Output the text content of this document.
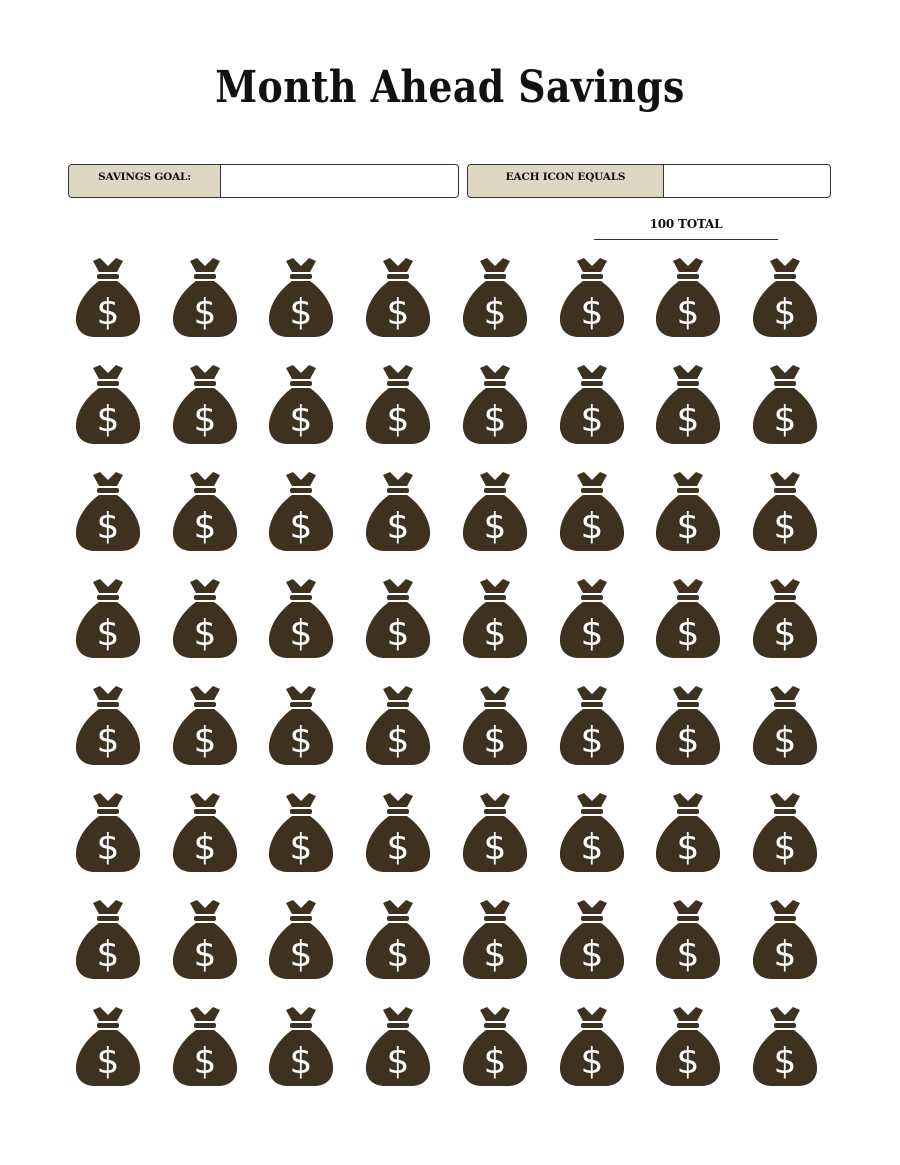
Month Ahead Savings
SAVINGS GOAL:	EACH ICON EQUALS
100 TOTAL
$ $ $ $ $ $ $ $
$ $ $ $ $ $ $ $
$ $ $ $ $ $ $ $
$ $ $ $ $ $ $ $
$ $ $ $ $ $ $ $
$ $ $ $ $ $ $ $
$ $ $ $ $ $ $ $
$ $ $ $ $ $ $ $
